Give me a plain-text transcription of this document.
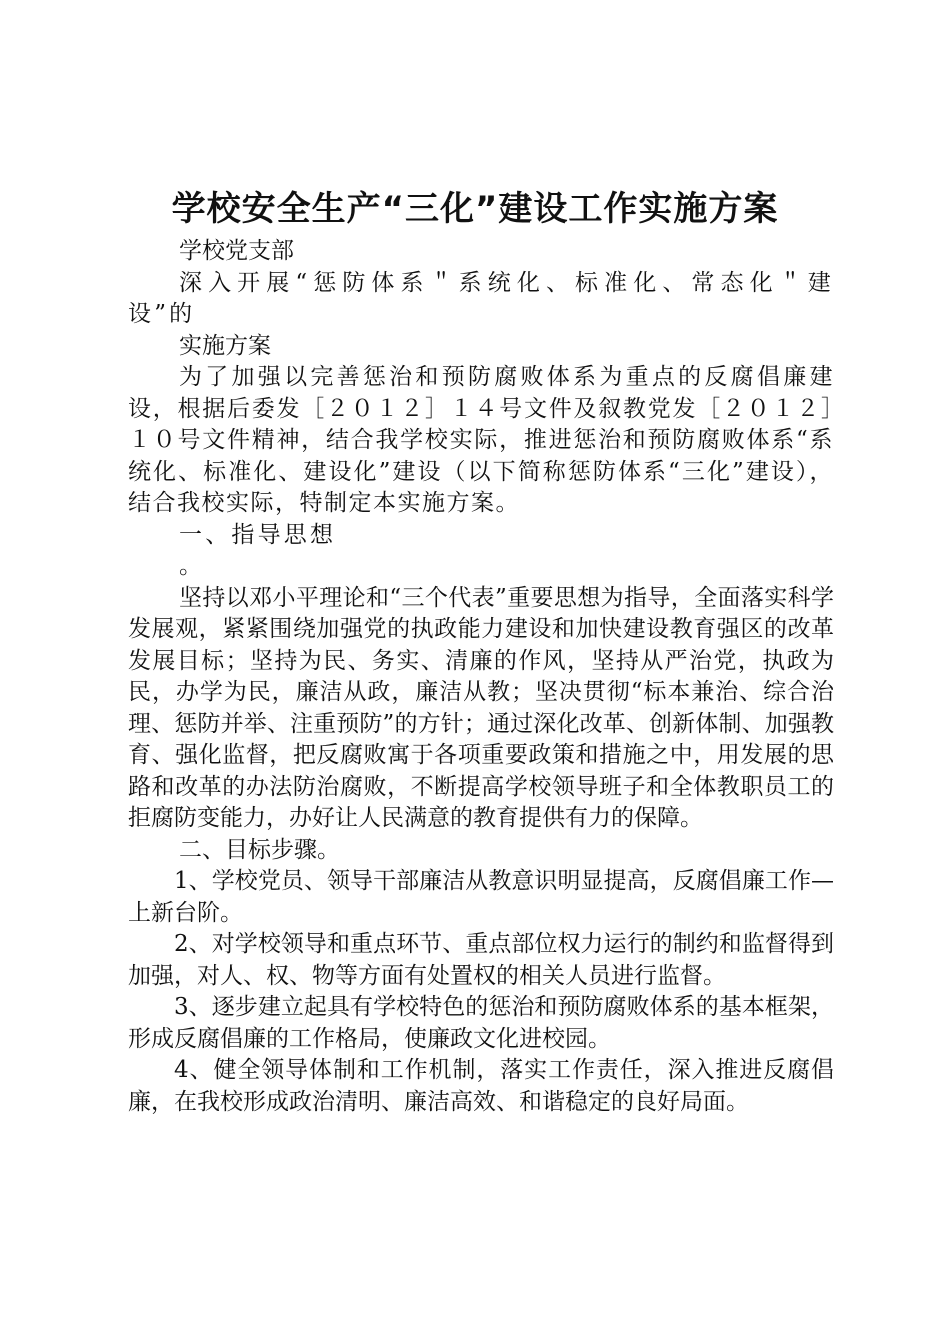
学校安全生产“三化”建设工作实施方案

学校党支部

深入开展“惩防体系＂系统化、标准化、常态化＂建设”的

实施方案

为了加强以完善惩治和预防腐败体系为重点的反腐倡廉建设，根据后委发［２０１２］１４号文件及叙教党发［２０１２］１０号文件精神，结合我学校实际，推进惩治和预防腐败体系“系统化、标准化、建设化”建设（以下简称惩防体系“三化”建设），结合我校实际，特制定本实施方案。

一、指导思想

。

坚持以邓小平理论和“三个代表”重要思想为指导，全面落实科学发展观，紧紧围绕加强党的执政能力建设和加快建设教育强区的改革发展目标；坚持为民、务实、清廉的作风，坚持从严治党，执政为民，办学为民，廉洁从政，廉洁从教；坚决贯彻“标本兼治、综合治理、惩防并举、注重预防”的方针；通过深化改革、创新体制、加强教育、强化监督，把反腐败寓于各项重要政策和措施之中，用发展的思路和改革的办法防治腐败，不断提高学校领导班子和全体教职员工的拒腐防变能力，办好让人民满意的教育提供有力的保障。

二、目标步骤。

1、学校党员、领导干部廉洁从教意识明显提高，反腐倡廉工作—上新台阶。

2、对学校领导和重点环节、重点部位权力运行的制约和监督得到加强，对人、权、物等方面有处置权的相关人员进行监督。

3、逐步建立起具有学校特色的惩治和预防腐败体系的基本框架，形成反腐倡廉的工作格局，使廉政文化进校园。

4、健全领导体制和工作机制，落实工作责任，深入推进反腐倡廉，在我校形成政治清明、廉洁高效、和谐稳定的良好局面。
